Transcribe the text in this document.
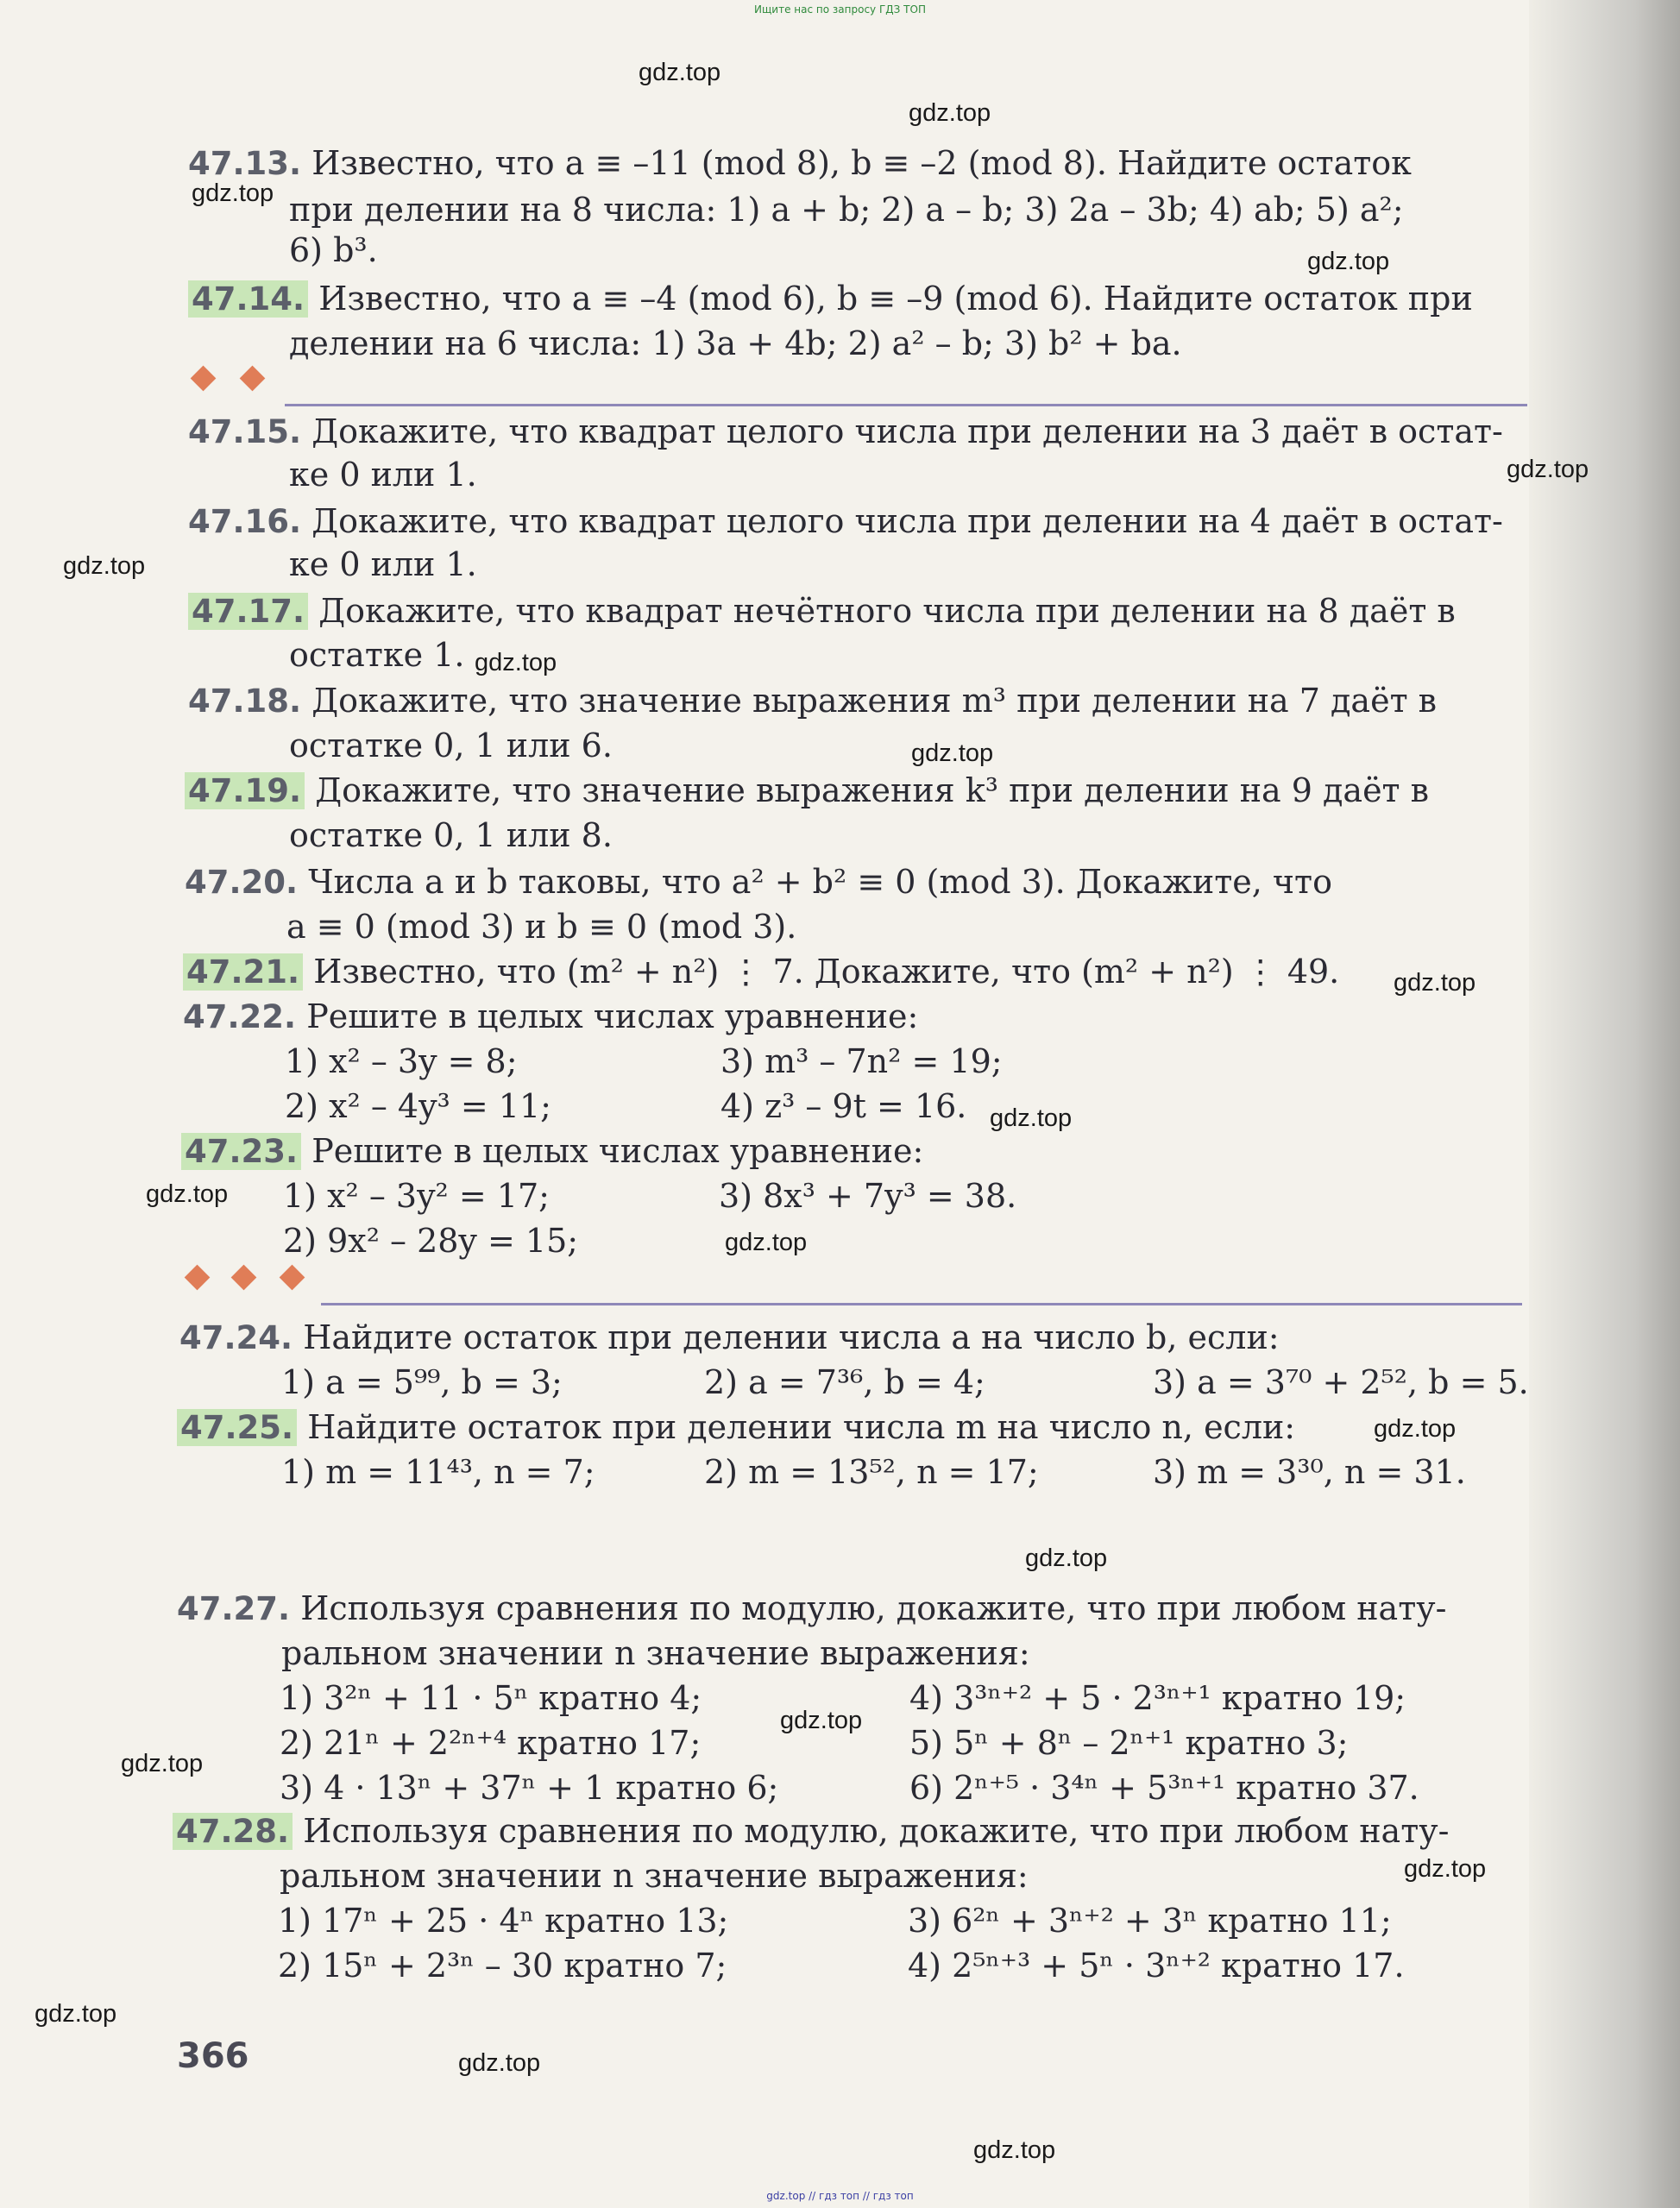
Ищите нас по запросу ГДЗ ТОП
gdz.top
gdz.top
gdz.top
gdz.top
gdz.top
gdz.top
gdz.top
gdz.top
gdz.top
gdz.top
gdz.top
gdz.top
gdz.top
gdz.top
gdz.top
gdz.top
gdz.top
gdz.top
gdz.top
gdz.top
47.13. Известно, что a ≡ –11 (mod 8), b ≡ –2 (mod 8). Найдите остаток
при делении на 8 числа: 1) a + b; 2) a – b; 3) 2a – 3b; 4) ab; 5) a²;
6) b³.
47.14. Известно, что a ≡ –4 (mod 6), b ≡ –9 (mod 6). Найдите остаток при
делении на 6 числа: 1) 3a + 4b; 2) a² – b; 3) b² + ba.
47.15. Докажите, что квадрат целого числа при делении на 3 даёт в остат-
ке 0 или 1.
47.16. Докажите, что квадрат целого числа при делении на 4 даёт в остат-
ке 0 или 1.
47.17. Докажите, что квадрат нечётного числа при делении на 8 даёт в
остатке 1.
47.18. Докажите, что значение выражения m³ при делении на 7 даёт в
остатке 0, 1 или 6.
47.19. Докажите, что значение выражения k³ при делении на 9 даёт в
остатке 0, 1 или 8.
47.20. Числа a и b таковы, что a² + b² ≡ 0 (mod 3). Докажите, что
a ≡ 0 (mod 3) и b ≡ 0 (mod 3).
47.21. Известно, что (m² + n²) ⋮ 7. Докажите, что (m² + n²) ⋮ 49.
47.22. Решите в целых числах уравнение:
1) x² – 3y = 8;	3) m³ – 7n² = 19;
2) x² – 4y³ = 11;	4) z³ – 9t = 16.
47.23. Решите в целых числах уравнение:
1) x² – 3y² = 17;	3) 8x³ + 7y³ = 38.
2) 9x² – 28y = 15;
47.24. Найдите остаток при делении числа a на число b, если:
1) a = 5⁹⁹, b = 3;	2) a = 7³⁶, b = 4;	3) a = 3⁷⁰ + 2⁵², b = 5.
47.25. Найдите остаток при делении числа m на число n, если:
1) m = 11⁴³, n = 7;	2) m = 13⁵², n = 17;	3) m = 3³⁰, n = 31.
47.27. Используя сравнения по модулю, докажите, что при любом нату-
ральном значении n значение выражения:
1) 3²ⁿ + 11 · 5ⁿ кратно 4;	4) 3³ⁿ⁺² + 5 · 2³ⁿ⁺¹ кратно 19;
2) 21ⁿ + 2²ⁿ⁺⁴ кратно 17;	5) 5ⁿ + 8ⁿ – 2ⁿ⁺¹ кратно 3;
3) 4 · 13ⁿ + 37ⁿ + 1 кратно 6;	6) 2ⁿ⁺⁵ · 3⁴ⁿ + 5³ⁿ⁺¹ кратно 37.
47.28. Используя сравнения по модулю, докажите, что при любом нату-
ральном значении n значение выражения:
1) 17ⁿ + 25 · 4ⁿ кратно 13;	3) 6²ⁿ + 3ⁿ⁺² + 3ⁿ кратно 11;
2) 15ⁿ + 2³ⁿ – 30 кратно 7;	4) 2⁵ⁿ⁺³ + 5ⁿ · 3ⁿ⁺² кратно 17.
366
gdz.top // гдз топ // гдз топ
